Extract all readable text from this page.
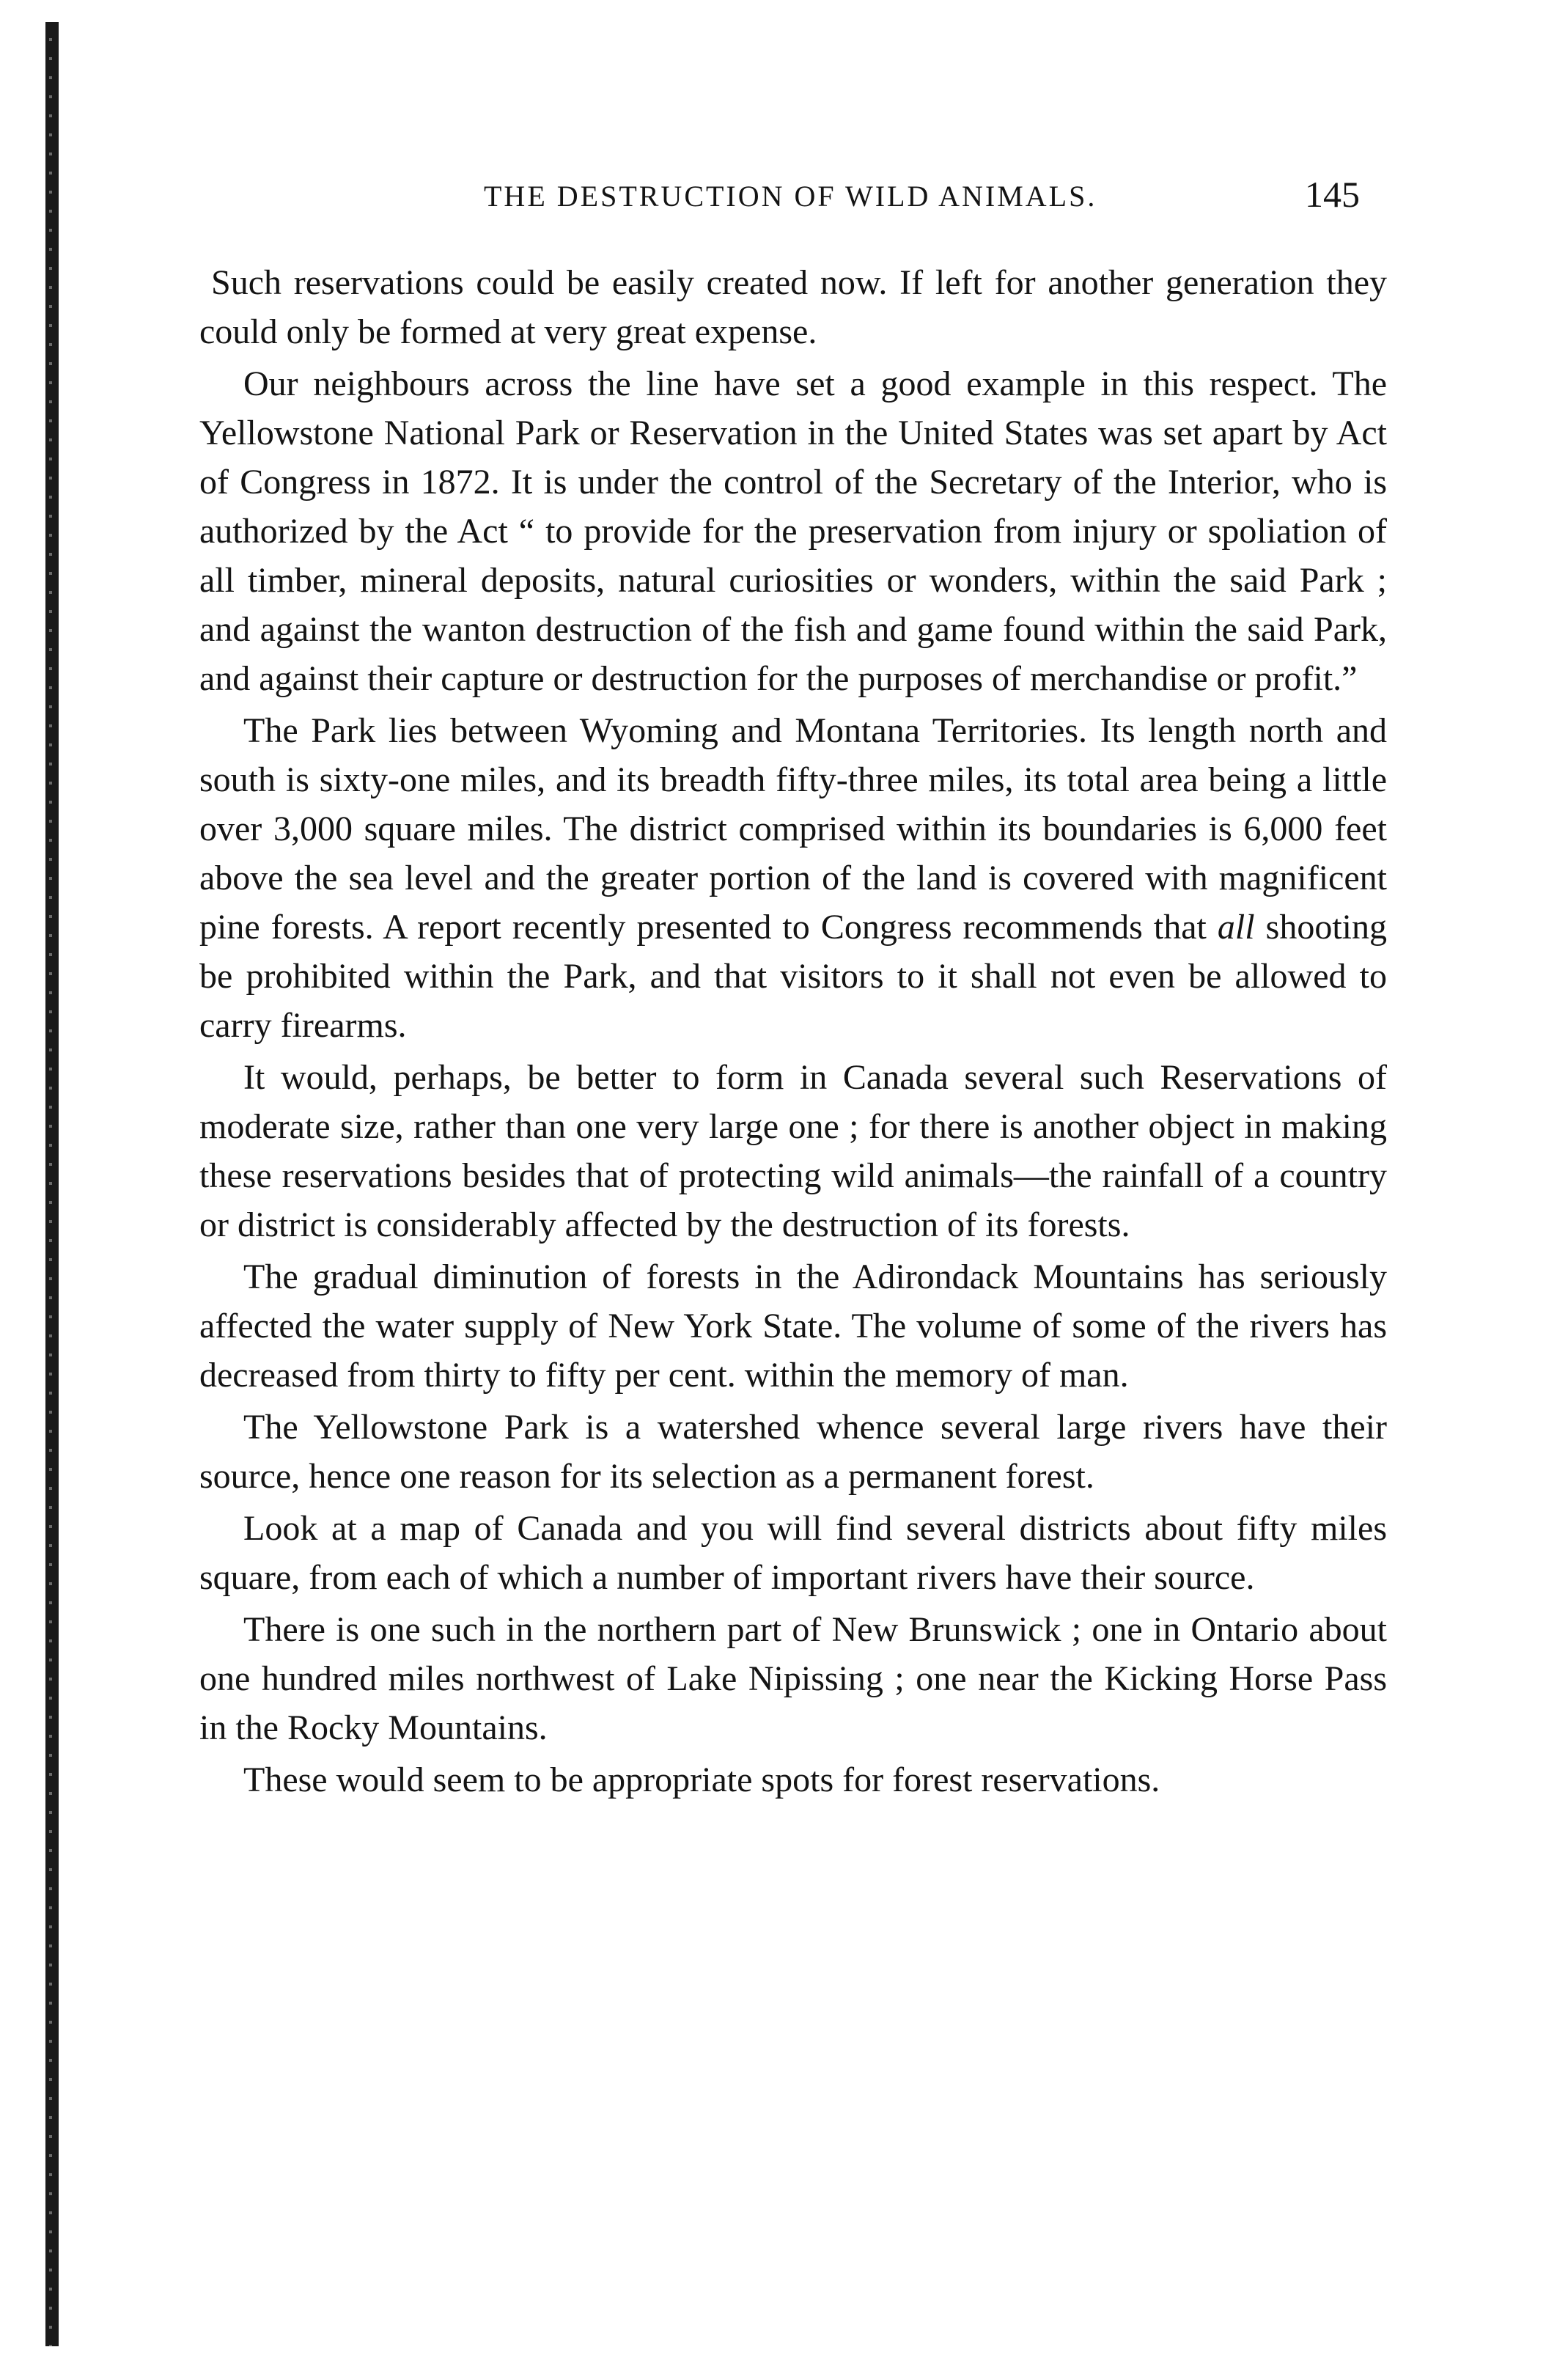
THE DESTRUCTION OF WILD ANIMALS.	145

Such reservations could be easily created now. If left for another generation they could only be formed at very great expense.

Our neighbours across the line have set a good example in this respect. The Yellowstone National Park or Reservation in the United States was set apart by Act of Congress in 1872. It is under the control of the Secretary of the Interior, who is authorized by the Act “ to provide for the preservation from injury or spoliation of all timber, mineral deposits, natural curiosities or wonders, within the said Park ; and against the wanton destruction of the fish and game found within the said Park, and against their capture or destruction for the purposes of merchandise or profit.”

The Park lies between Wyoming and Montana Territories. Its length north and south is sixty-one miles, and its breadth fifty-three miles, its total area being a little over 3,000 square miles. The district comprised within its boundaries is 6,000 feet above the sea level and the greater portion of the land is covered with magnificent pine forests. A report recently presented to Congress recommends that all shooting be prohibited within the Park, and that visitors to it shall not even be allowed to carry firearms.

It would, perhaps, be better to form in Canada several such Reservations of moderate size, rather than one very large one ; for there is another object in making these reservations besides that of protecting wild animals—the rainfall of a country or district is considerably affected by the destruction of its forests.

The gradual diminution of forests in the Adirondack Mountains has seriously affected the water supply of New York State. The volume of some of the rivers has decreased from thirty to fifty per cent. within the memory of man.

The Yellowstone Park is a watershed whence several large rivers have their source, hence one reason for its selection as a permanent forest.

Look at a map of Canada and you will find several districts about fifty miles square, from each of which a number of important rivers have their source.

There is one such in the northern part of New Brunswick ; one in Ontario about one hundred miles northwest of Lake Nipissing ; one near the Kicking Horse Pass in the Rocky Mountains.

These would seem to be appropriate spots for forest reservations.
